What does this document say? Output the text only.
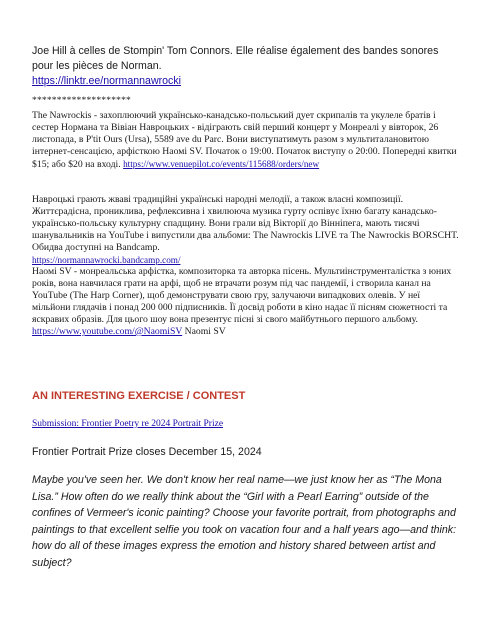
Joe Hill à celles de Stompin' Tom Connors. Elle réalise également des bandes sonores

pour les pièces de Norman.

https://linktr.ee/normannawrocki

********************
The Nawrockis - захоплюючий українсько-канадсько-польський дует скрипалів та укулеле братів і сестер Нормана та Вівіан Навроцьких - відіграють свій перший концерт у Монреалі у вівторок, 26 листопада, в P'tit Ours (Ursa), 5589 ave du Parc. Вони виступатимуть разом з мультиталановитою інтернет-сенсацією, арфісткою Наомі SV. Початок о 19:00. Початок виступу о 20:00. Попередні квитки $15; або $20 на вході. https://www.venuepilot.co/events/115688/orders/new
Навроцькі грають жваві традиційні українські народні мелодії, а також власні композиції. Життєрадісна, прониклива, рефлексивна і хвилююча музика гурту оспівує їхню багату канадсько-українсько-польську культурну спадщину. Вони грали від Вікторії до Вінніпега, мають тисячі шанувальників на YouTube і випустили два альбоми: The Nawrockis LIVE та The Nawrockis BORSCHT. Обидва доступні на Bandcamp.
https://normannawrocki.bandcamp.com/
Наомі SV - монреальська арфістка, композиторка та авторка пісень. Мультиінструменталістка з юних років, вона навчилася грати на арфі, щоб не втрачати розум під час пандемії, і створила канал на YouTube (The Harp Corner), щоб демонструвати свою гру, залучаючи випадкових олевів. У неї мільйони глядачів і понад 200 000 підписників. Її досвід роботи в кіно надає її пісням сюжетності та яскравих образів. Для цього шоу вона презентує пісні зі свого майбутнього першого альбому. https://www.youtube.com/@NaomiSV Naomi SV
AN INTERESTING EXERCISE / CONTEST
Submission: Frontier Poetry re 2024 Portrait Prize
Frontier Portrait Prize closes December 15, 2024
Maybe you've seen her. We don't know her real name—we just know her as “The Mona Lisa.” How often do we really think about the “Girl with a Pearl Earring” outside of the confines of Vermeer's iconic painting? Choose your favorite portrait, from photographs and paintings to that excellent selfie you took on vacation four and a half years ago—and think: how do all of these images express the emotion and history shared between artist and subject?
